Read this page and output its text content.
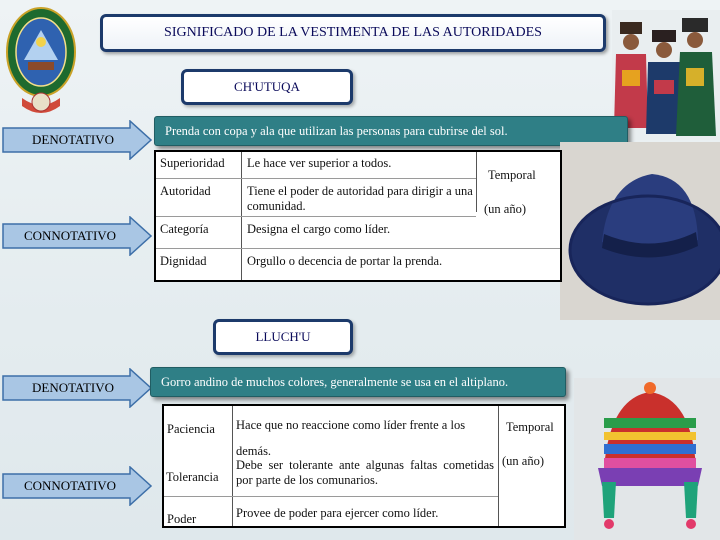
SIGNIFICADO DE LA VESTIMENTA DE LAS AUTORIDADES
CH'UTUQA
DENOTATIVO
Prenda con copa y ala que utilizan las personas para cubrirse del sol.
Superioridad Le hace ver superior a todos.
Autoridad	Tiene el poder de autoridad para dirigir a una comunidad.
Categoría	Designa el cargo como líder.
Dignidad	Orgullo o decencia de portar la prenda.
Temporal
(un año)
CONNOTATIVO
LLUCH'U
DENOTATIVO	Gorro andino de muchos colores, generalmente se usa en el altiplano.
Paciencia Hace que no reaccione como líder frente a los demás.
Tolerancia
Debe ser tolerante ante algunas faltas cometidas por parte de los comunarios.
Poder	Provee de poder para ejercer como líder.
Temporal
(un año)
CONNOTATIVO
